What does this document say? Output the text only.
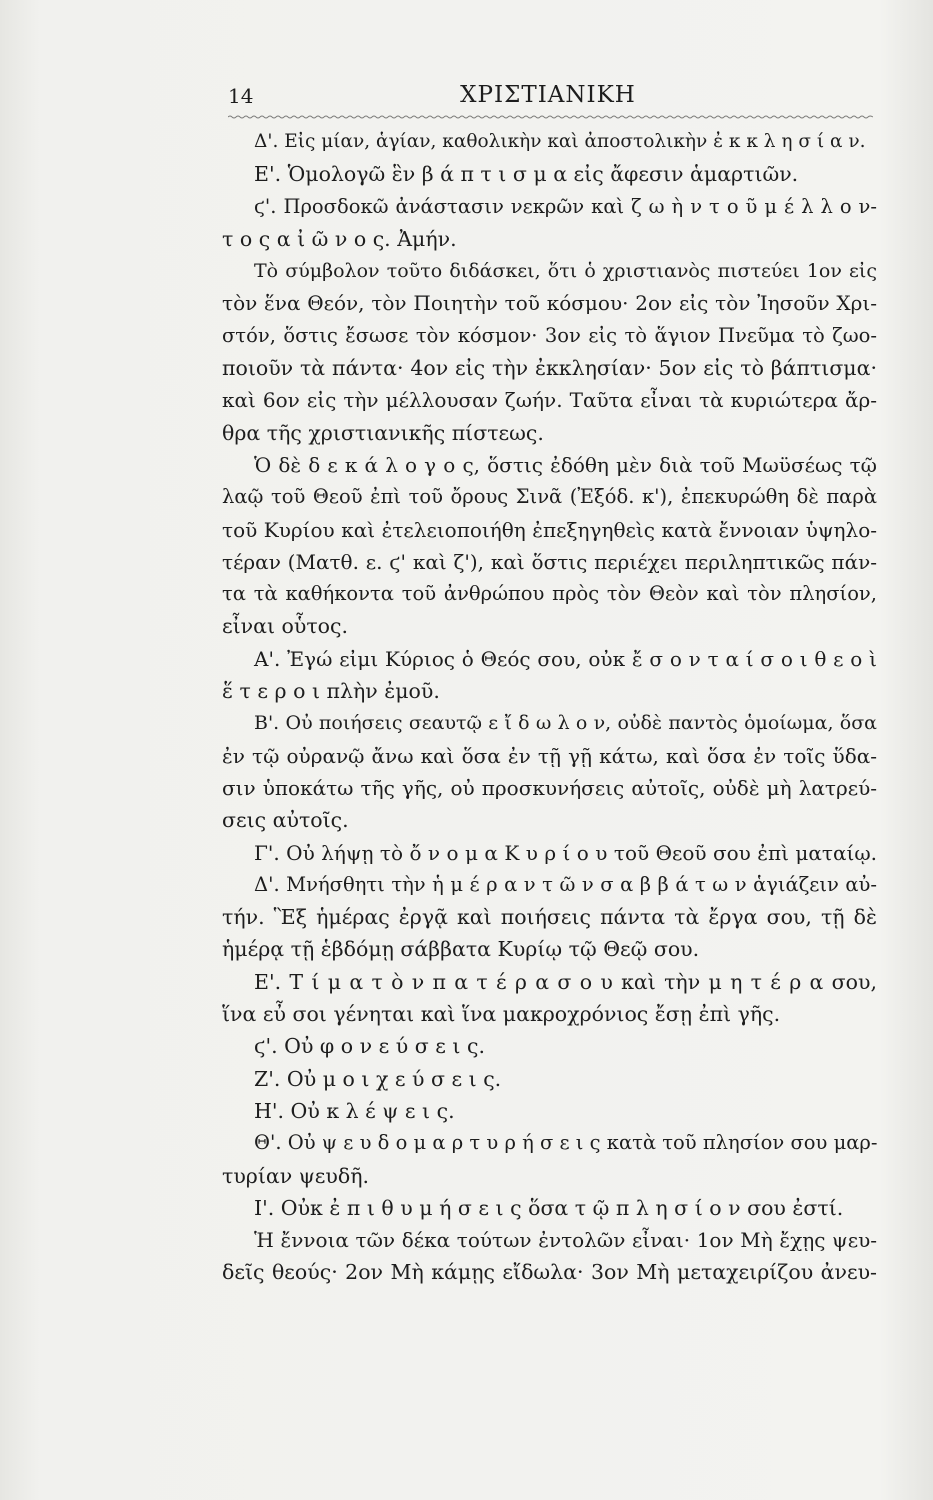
14	ΧΡΙΣΤΙΑΝΙΚΗ
Δ'. Εἰς μίαν, ἁγίαν, καθολικὴν καὶ ἀποστολικὴν ἐ κ κ λ η σ ί α ν.
Ε'. Ὁμολογῶ ἓν β ά π τ ι σ μ α εἰς ἄφεσιν ἁμαρτιῶν.
ϛ'. Προσδοκῶ ἀνάστασιν νεκρῶν καὶ ζ ω ὴ ν τ ο ῦ μ έ λ λ ο ν-
τ ο ς α ἰ ῶ ν ο ς. Ἀμήν.
Τὸ σύμβολον τοῦτο διδάσκει, ὅτι ὁ χριστιανὸς πιστεύει 1ον εἰς
τὸν ἕνα Θεόν, τὸν Ποιητὴν τοῦ κόσμου· 2ον εἰς τὸν Ἰησοῦν Χρι-
στόν, ὅστις ἔσωσε τὸν κόσμον· 3ον εἰς τὸ ἅγιον Πνεῦμα τὸ ζωο-
ποιοῦν τὰ πάντα· 4ον εἰς τὴν ἐκκλησίαν· 5ον εἰς τὸ βάπτισμα·
καὶ 6ον εἰς τὴν μέλλουσαν ζωήν. Ταῦτα εἶναι τὰ κυριώτερα ἄρ-
θρα τῆς χριστιανικῆς πίστεως.
Ὁ δὲ δ ε κ ά λ ο γ ο ς, ὅστις ἐδόθη μὲν διὰ τοῦ Μωϋσέως τῷ
λαῷ τοῦ Θεοῦ ἐπὶ τοῦ ὄρους Σινᾶ (Ἐξόδ. κ'), ἐπεκυρώθη δὲ παρὰ
τοῦ Κυρίου καὶ ἐτελειοποιήθη ἐπεξηγηθεὶς κατὰ ἔννοιαν ὑψηλο-
τέραν (Ματθ. ε. ϛ' καὶ ζ'), καὶ ὅστις περιέχει περιληπτικῶς πάν-
τα τὰ καθήκοντα τοῦ ἀνθρώπου πρὸς τὸν Θεὸν καὶ τὸν πλησίον,
εἶναι οὗτος.
Α'. Ἐγώ εἰμι Κύριος ὁ Θεός σου, οὐκ ἔ σ ο ν τ α ί σ ο ι θ ε ο ὶ
ἕ τ ε ρ ο ι πλὴν ἐμοῦ.
Β'. Οὐ ποιήσεις σεαυτῷ ε ἴ δ ω λ ο ν, οὐδὲ παντὸς ὁμοίωμα, ὅσα
ἐν τῷ οὐρανῷ ἄνω καὶ ὅσα ἐν τῇ γῇ κάτω, καὶ ὅσα ἐν τοῖς ὕδα-
σιν ὑποκάτω τῆς γῆς, οὐ προσκυνήσεις αὐτοῖς, οὐδὲ μὴ λατρεύ-
σεις αὐτοῖς.
Γ'. Οὐ λήψῃ τὸ ὄ ν ο μ α Κ υ ρ ί ο υ τοῦ Θεοῦ σου ἐπὶ ματαίῳ.
Δ'. Μνήσθητι τὴν ἡ μ έ ρ α ν τ ῶ ν σ α β β ά τ ω ν ἁγιάζειν αὐ-
τήν. Ἓξ ἡμέρας ἐργᾷ καὶ ποιήσεις πάντα τὰ ἔργα σου, τῇ δὲ
ἡμέρᾳ τῇ ἑβδόμῃ σάββατα Κυρίῳ τῷ Θεῷ σου.
Ε'. Τ ί μ α τ ὸ ν π α τ έ ρ α σ ο υ καὶ τὴν μ η τ έ ρ α σου,
ἵνα εὖ σοι γένηται καὶ ἵνα μακροχρόνιος ἔσῃ ἐπὶ γῆς.
ϛ'. Οὐ φ ο ν ε ύ σ ε ι ς.
Ζ'. Οὐ μ ο ι χ ε ύ σ ε ι ς.
Η'. Οὐ κ λ έ ψ ε ι ς.
Θ'. Οὐ ψ ε υ δ ο μ α ρ τ υ ρ ή σ ε ι ς κατὰ τοῦ πλησίον σου μαρ-
τυρίαν ψευδῆ.
Ι'. Οὐκ ἐ π ι θ υ μ ή σ ε ι ς ὅσα τ ῷ π λ η σ ί ο ν σου ἐστί.
Ἡ ἔννοια τῶν δέκα τούτων ἐντολῶν εἶναι· 1ον Μὴ ἔχῃς ψευ-
δεῖς θεούς· 2ον Μὴ κάμῃς εἴδωλα· 3ον Μὴ μεταχειρίζου ἀνευ-
